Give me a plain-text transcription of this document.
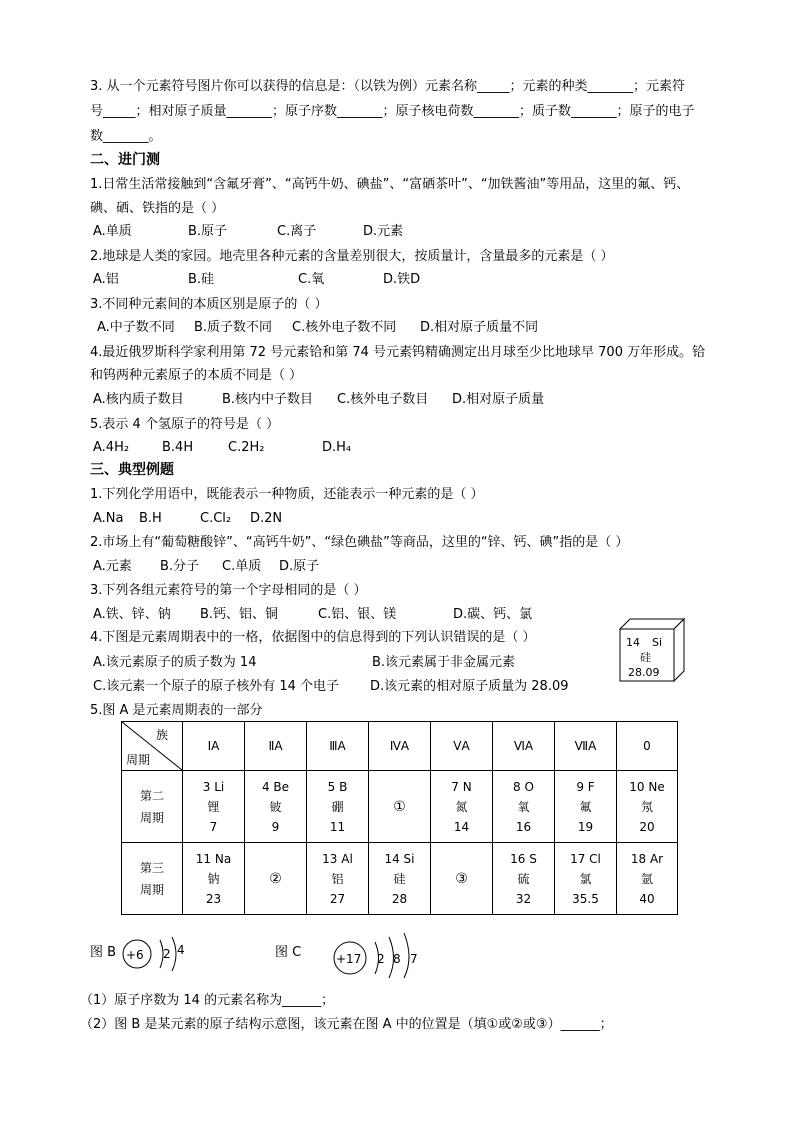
3. 从一个元素符号图片你可以获得的信息是：（以铁为例）元素名称_____；元素的种类_______；元素符
号_____；相对原子质量_______；原子序数_______；原子核电荷数_______；质子数_______；原子的电子
数_______。
二、进门测
1.日常生活常接触到“含氟牙膏”、“高钙牛奶、碘盐”、“富硒茶叶”、“加铁酱油”等用品，这里的氟、钙、
碘、硒、铁指的是（ ）
A.单质	B.原子	C.离子	D.元素
2.地球是人类的家园。地壳里各种元素的含量差别很大，按质量计，含量最多的元素是（ ）
A.铝	B.硅	C.氧	D.铁D
3.不同种元素间的本质区别是原子的（ ）
A.中子数不同 B.质子数不同 C.核外电子数不同 D.相对原子质量不同
4.最近俄罗斯科学家利用第 72 号元素铪和第 74 号元素钨精确测定出月球至少比地球早 700 万年形成。铪
和钨两种元素原子的本质不同是（ ）
A.核内质子数目	B.核内中子数目 C.核外电子数目 D.相对原子质量
5.表示 4 个氢原子的符号是（ ）
A.4H₂	B.4H	C.2H₂	D.H₄
三、典型例题
1.下列化学用语中，既能表示一种物质，还能表示一种元素的是（ ）
A.Na B.H	C.Cl₂ D.2N
2.市场上有“葡萄糖酸锌”、“高钙牛奶”、“绿色碘盐”等商品，这里的“锌、钙、碘”指的是（ ）
A.元素 B.分子 C.单质 D.原子
3.下列各组元素符号的第一个字母相同的是（ ）
A.铁、锌、钠 B.钙、铝、铜	C.铝、银、镁	D.碳、钙、氯
4.下图是元素周期表中的一格，依据图中的信息得到的下列认识错误的是（ ）
A.该元素原子的质子数为 14	B.该元素属于非金属元素
C.该元素一个原子的原子核外有 14 个电子 D.该元素的相对原子质量为 28.09
14 Si
硅
28.09
5.图 A 是元素周期表的一部分
族
周期	ⅠA	ⅡA	ⅢA	ⅣA	ⅤA	ⅥA	ⅦA	0

第二
周期	3 Li
锂
7	4 Be
铍
9	5 B
硼
11	①	7 N
氮
14	8 O
氧
16	9 F
氟
19	10 Ne
氖
20

第三
周期	11 Na
钠
23	②	13 Al
铝
27	14 Si
硅
28	③	16 S
硫
32	17 Cl
氯
35.5	18 Ar
氩
40
图 B +6 2 4	图 C	+17 2 8 7
（1）原子序数为 14 的元素名称为______；
（2）图 B 是某元素的原子结构示意图，该元素在图 A 中的位置是（填①或②或③）______；
